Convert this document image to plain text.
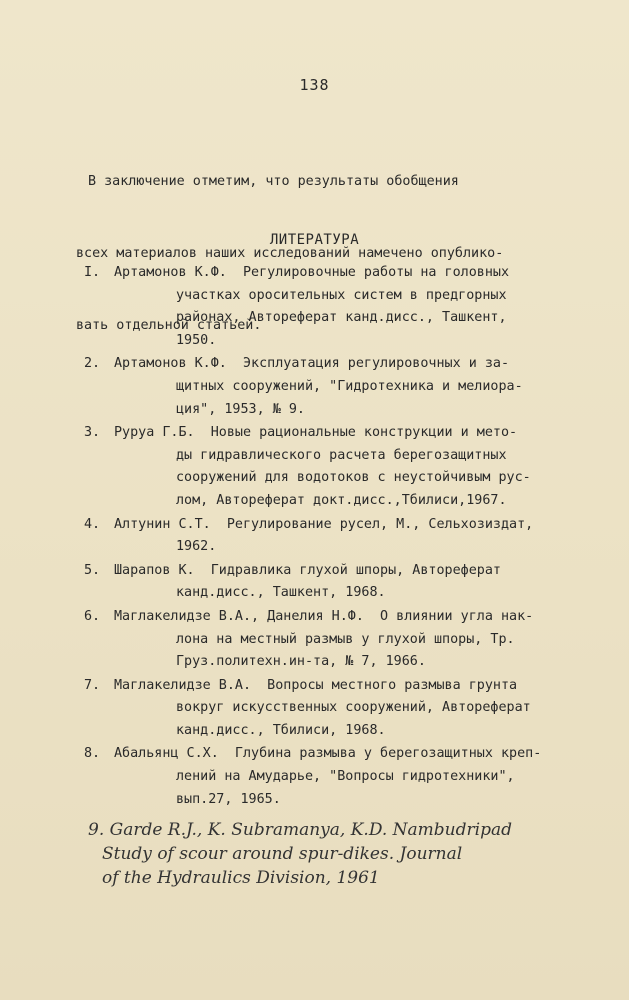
138

В заключение отметим, что результаты обобщения

всех материалов наших исследований намечено опублико-

вать отдельной статьей.

ЛИТЕРАТУРА
I.	Артамонов К.Ф.  Регулировочные работы на головных
участках оросительных систем в предгорных
районах, Автореферат канд.дисс., Ташкент,
1950.
2.	Артамонов К.Ф.  Эксплуатация регулировочных и за-
щитных сооружений, "Гидротехника и мелиора-
ция", 1953, № 9.
3.	Руруа Г.Б.  Новые рациональные конструкции и мето-
ды гидравлического расчета берегозащитных
сооружений для водотоков с неустойчивым рус-
лом, Автореферат докт.дисс.,Тбилиси,1967.
4.	Алтунин С.Т.  Регулирование русел, М., Сельхозиздат,
1962.
5.	Шарапов К.  Гидравлика глухой шпоры, Автореферат
канд.дисс., Ташкент, 1968.
6.	Маглакелидзе В.А., Данелия Н.Ф.  О влиянии угла нак-
лона на местный размыв у глухой шпоры, Тр.
Груз.политехн.ин-та, № 7, 1966.
7.	Маглакелидзе В.А.  Вопросы местного размыва грунта
вокруг искусственных сооружений, Автореферат
канд.дисс., Тбилиси, 1968.
8.	Абальянц С.Х.  Глубина размыва у берегозащитных креп-
лений на Амударье, "Вопросы гидротехники",
вып.27, 1965.
9. Garde R.J., K. Subramanya, K.D. Nambudripad
Study of scour around spur-dikes. Journal
of the Hydraulics Division, 1961
